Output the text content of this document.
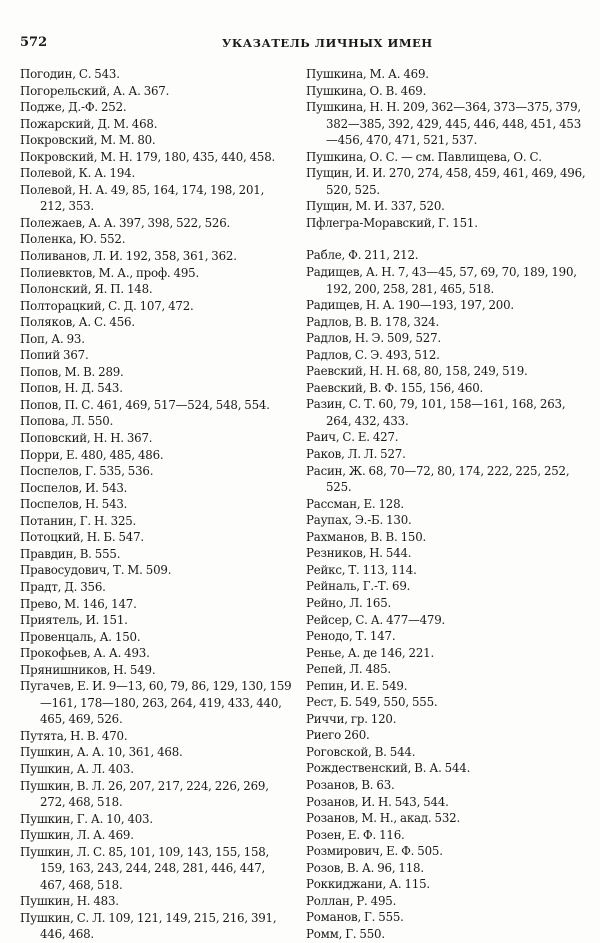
572	УКАЗАТЕЛЬ ЛИЧНЫХ ИМЕН
Погодин, С. 543.
Погорельский, А. А. 367.
Подже, Д.-Ф. 252.
Пожарский, Д. М. 468.
Покровский, М. М. 80.
Покровский, М. Н. 179, 180, 435, 440, 458.
Полевой, К. А. 194.
Полевой, Н. А. 49, 85, 164, 174, 198, 201, 212, 353.
Полежаев, А. А. 397, 398, 522, 526.
Поленка, Ю. 552.
Поливанов, Л. И. 192, 358, 361, 362.
Полиевктов, М. А., проф. 495.
Полонский, Я. П. 148.
Полторацкий, С. Д. 107, 472.
Поляков, А. С. 456.
Поп, А. 93.
Попий 367.
Попов, М. В. 289.
Попов, Н. Д. 543.
Попов, П. С. 461, 469, 517—524, 548, 554.
Попова, Л. 550.
Поповский, Н. Н. 367.
Порри, Е. 480, 485, 486.
Поспелов, Г. 535, 536.
Поспелов, И. 543.
Поспелов, Н. 543.
Потанин, Г. Н. 325.
Потоцкий, Н. Б. 547.
Правдин, В. 555.
Правосудович, Т. М. 509.
Прадт, Д. 356.
Прево, М. 146, 147.
Приятель, И. 151.
Провенцаль, А. 150.
Прокофьев, А. А. 493.
Прянишников, Н. 549.
Пугачев, Е. И. 9—13, 60, 79, 86, 129, 130, 159—161, 178—180, 263, 264, 419, 433, 440, 465, 469, 526.
Путята, Н. В. 470.
Пушкин, А. А. 10, 361, 468.
Пушкин, А. Л. 403.
Пушкин, В. Л. 26, 207, 217, 224, 226, 269, 272, 468, 518.
Пушкин, Г. А. 10, 403.
Пушкин, Л. А. 469.
Пушкин, Л. С. 85, 101, 109, 143, 155, 158, 159, 163, 243, 244, 248, 281, 446, 447, 467, 468, 518.
Пушкин, Н. 483.
Пушкин, С. Л. 109, 121, 149, 215, 216, 391, 446, 468.
Пушкина, М. А. 469.
Пушкина, О. В. 469.
Пушкина, Н. Н. 209, 362—364, 373—375, 379, 382—385, 392, 429, 445, 446, 448, 451, 453—456, 470, 471, 521, 537.
Пушкина, О. С. — см. Павлищева, О. С.
Пущин, И. И. 270, 274, 458, 459, 461, 469, 496, 520, 525.
Пущин, М. И. 337, 520.
Пфлегра-Моравский, Г. 151.
Рабле, Ф. 211, 212.
Радищев, А. Н. 7, 43—45, 57, 69, 70, 189, 190, 192, 200, 258, 281, 465, 518.
Радищев, Н. А. 190—193, 197, 200.
Радлов, В. В. 178, 324.
Радлов, Н. Э. 509, 527.
Радлов, С. Э. 493, 512.
Раевский, Н. Н. 68, 80, 158, 249, 519.
Раевский, В. Ф. 155, 156, 460.
Разин, С. Т. 60, 79, 101, 158—161, 168, 263, 264, 432, 433.
Раич, С. Е. 427.
Раков, Л. Л. 527.
Расин, Ж. 68, 70—72, 80, 174, 222, 225, 252, 525.
Рассман, Е. 128.
Раупах, Э.-Б. 130.
Рахманов, В. В. 150.
Резников, Н. 544.
Рейкс, Т. 113, 114.
Рейналь, Г.-Т. 69.
Рейно, Л. 165.
Рейсер, С. А. 477—479.
Ренодо, Т. 147.
Ренье, А. де 146, 221.
Репей, Л. 485.
Репин, И. Е. 549.
Рест, Б. 549, 550, 555.
Риччи, гр. 120.
Риего 260.
Роговской, В. 544.
Рождественский, В. А. 544.
Розанов, В. 63.
Розанов, И. Н. 543, 544.
Розанов, М. Н., акад. 532.
Розен, Е. Ф. 116.
Розмирович, Е. Ф. 505.
Розов, В. А. 96, 118.
Роккиджани, А. 115.
Роллан, Р. 495.
Романов, Г. 555.
Ромм, Г. 550.
